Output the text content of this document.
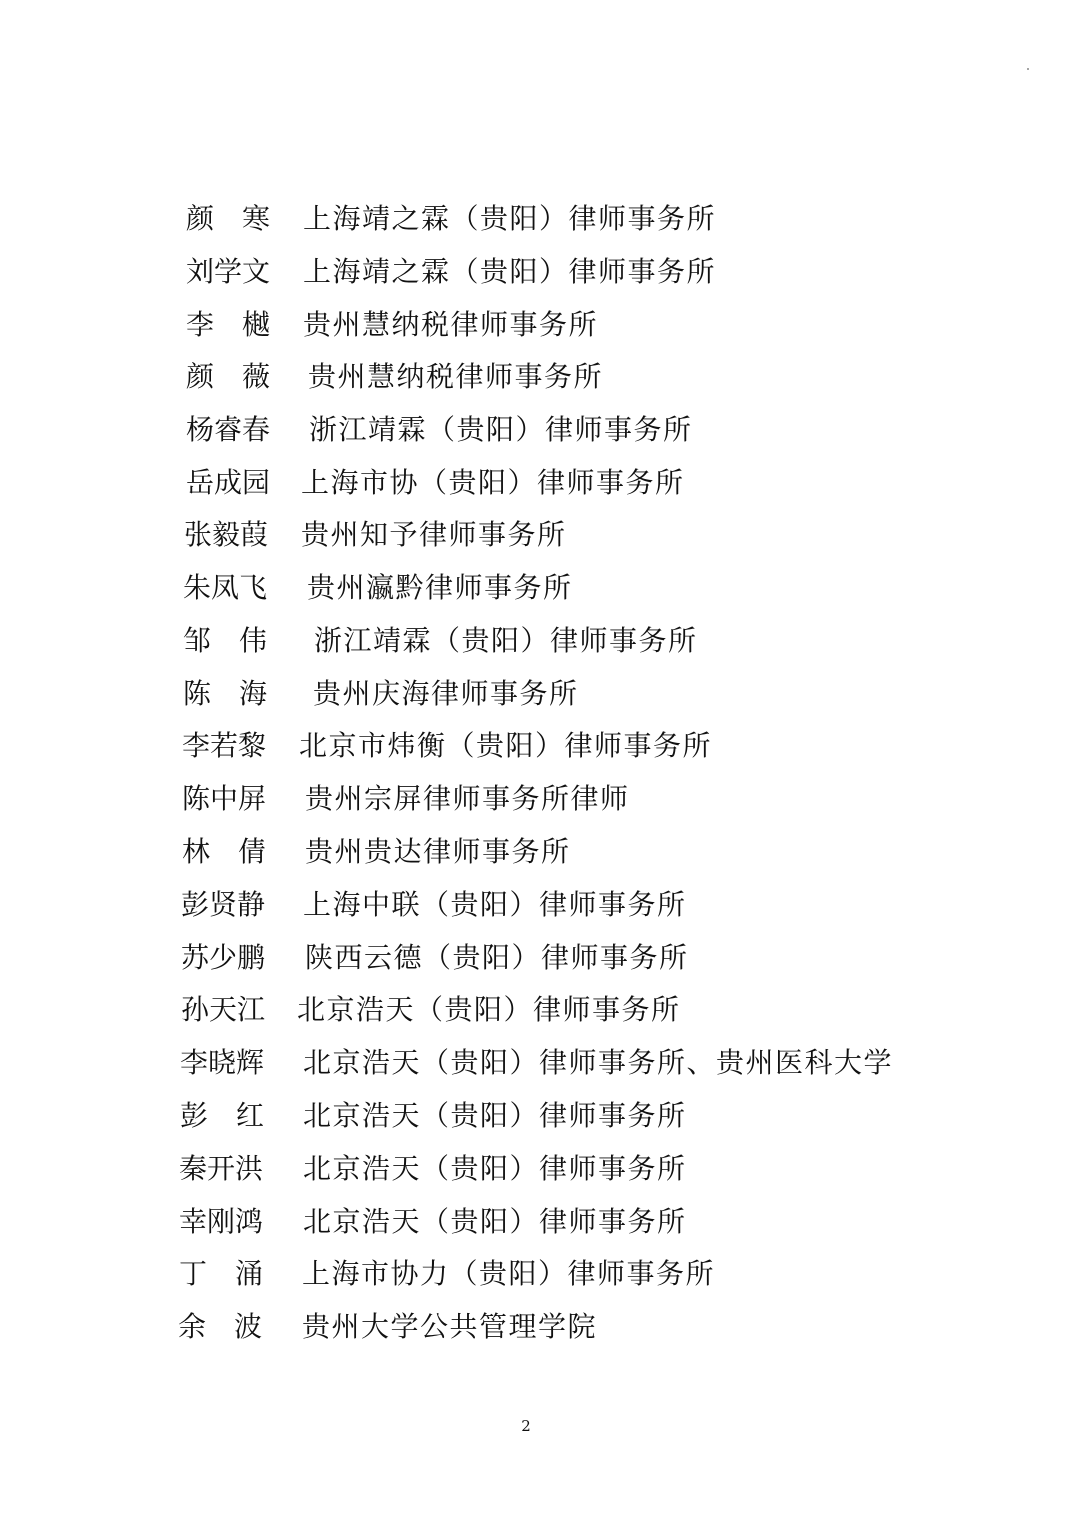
颜　寒 上海靖之霖（贵阳）律师事务所
刘学文 上海靖之霖（贵阳）律师事务所
李　樾 贵州慧纳税律师事务所
颜　薇 贵州慧纳税律师事务所
杨睿春 浙江靖霖（贵阳）律师事务所
岳成园 上海市协（贵阳）律师事务所
张毅葭 贵州知予律师事务所
朱凤飞 贵州瀛黔律师事务所
邹　伟 浙江靖霖（贵阳）律师事务所
陈　海 贵州庆海律师事务所
李若黎 北京市炜衡（贵阳）律师事务所
陈中屏 贵州宗屏律师事务所律师
林　倩 贵州贵达律师事务所
彭贤静 上海中联（贵阳）律师事务所
苏少鹏 陕西云德（贵阳）律师事务所
孙天江 北京浩天（贵阳）律师事务所
李晓辉 北京浩天（贵阳）律师事务所、贵州医科大学
彭　红 北京浩天（贵阳）律师事务所
秦开洪 北京浩天（贵阳）律师事务所
幸刚鸿 北京浩天（贵阳）律师事务所
丁　涌 上海市协力（贵阳）律师事务所
余　波 贵州大学公共管理学院
2
